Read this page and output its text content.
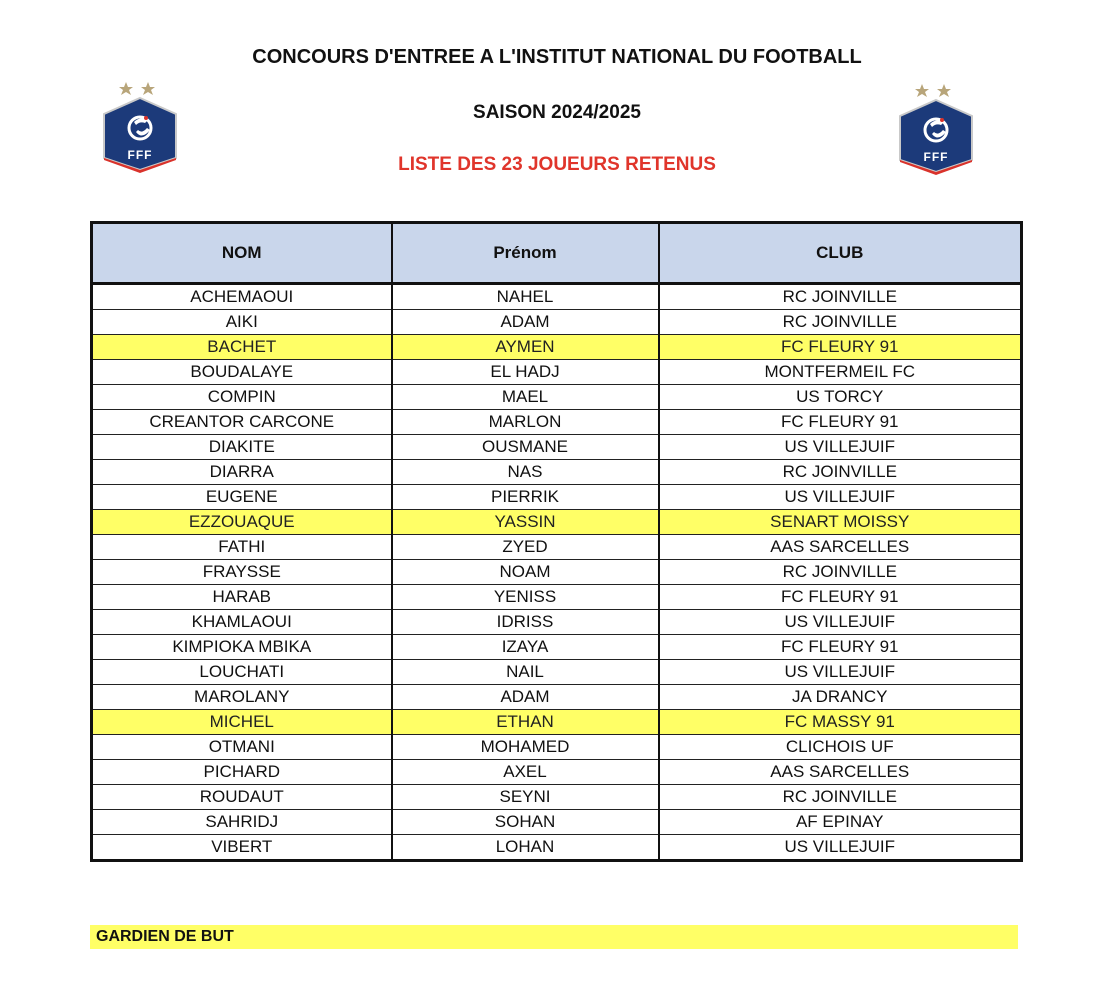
CONCOURS D'ENTREE A L'INSTITUT NATIONAL DU FOOTBALL
SAISON 2024/2025
LISTE DES 23 JOUEURS RETENUS
FFF	FFF
NOM	Prénom	CLUB
ACHEMAOUI	NAHEL	RC JOINVILLE
AIKI	ADAM	RC JOINVILLE
BACHET	AYMEN	FC FLEURY 91
BOUDALAYE	EL HADJ	MONTFERMEIL FC
COMPIN	MAEL	US TORCY
CREANTOR CARCONE	MARLON	FC FLEURY 91
DIAKITE	OUSMANE	US VILLEJUIF
DIARRA	NAS	RC JOINVILLE
EUGENE	PIERRIK	US VILLEJUIF
EZZOUAQUE	YASSIN	SENART MOISSY
FATHI	ZYED	AAS SARCELLES
FRAYSSE	NOAM	RC JOINVILLE
HARAB	YENISS	FC FLEURY 91
KHAMLAOUI	IDRISS	US VILLEJUIF
KIMPIOKA MBIKA	IZAYA	FC FLEURY 91
LOUCHATI	NAIL	US VILLEJUIF
MAROLANY	ADAM	JA DRANCY
MICHEL	ETHAN	FC MASSY 91
OTMANI	MOHAMED	CLICHOIS UF
PICHARD	AXEL	AAS SARCELLES
ROUDAUT	SEYNI	RC JOINVILLE
SAHRIDJ	SOHAN	AF EPINAY
VIBERT	LOHAN	US VILLEJUIF
GARDIEN DE BUT
